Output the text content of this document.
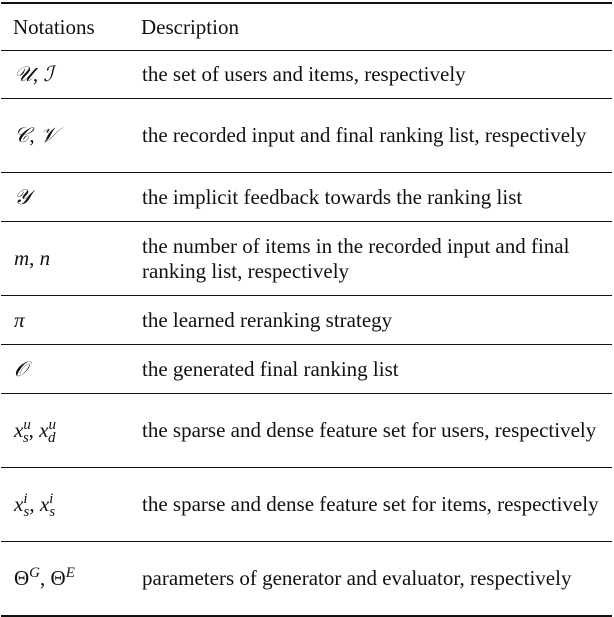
Notations	Description
𝒰, ℐ	the set of users and items, respectively
𝒞, 𝒱	the recorded input and final ranking list, respectively
𝒴	the implicit feedback towards the ranking list
m, n	the number of items in the recorded input and final ranking list, respectively
π	the learned reranking strategy
𝒪	the generated final ranking list
$x^u_s$, $x^u_d$	the sparse and dense feature set for users, respectively
$x^i_s$, $x^i_s$	the sparse and dense feature set for items, respectively
$\Theta^G$, $\Theta^E$	parameters of generator and evaluator, respectively
